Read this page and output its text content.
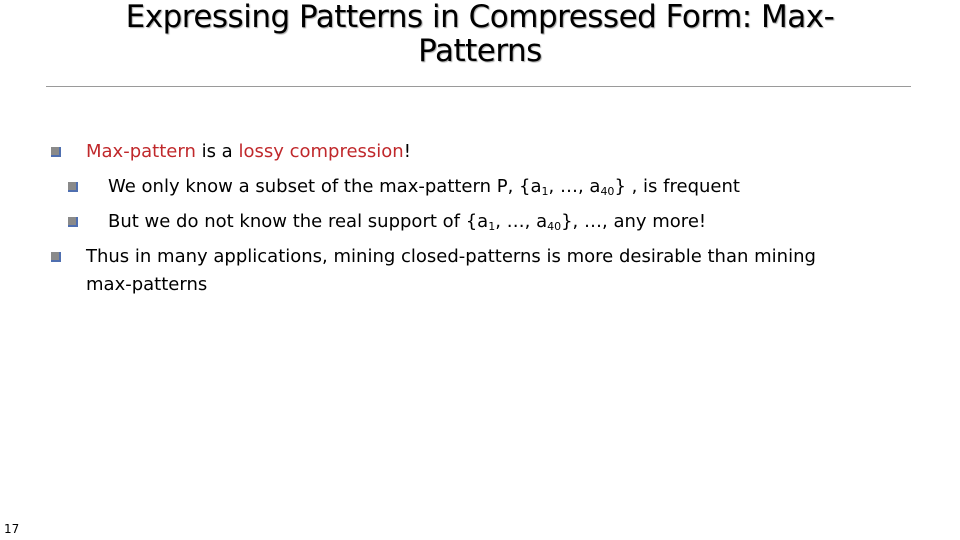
Expressing Patterns in Compressed Form: Max-
Patterns
Max-pattern is a lossy compression!
We only know a subset of the max-pattern P, {$a_1$, …, $a_{40}$} , is frequent
But we do not know the real support of {$a_1$, …, $a_{40}$}, …, any more!
Thus in many applications, mining closed-patterns is more desirable than mining
max-patterns
17
